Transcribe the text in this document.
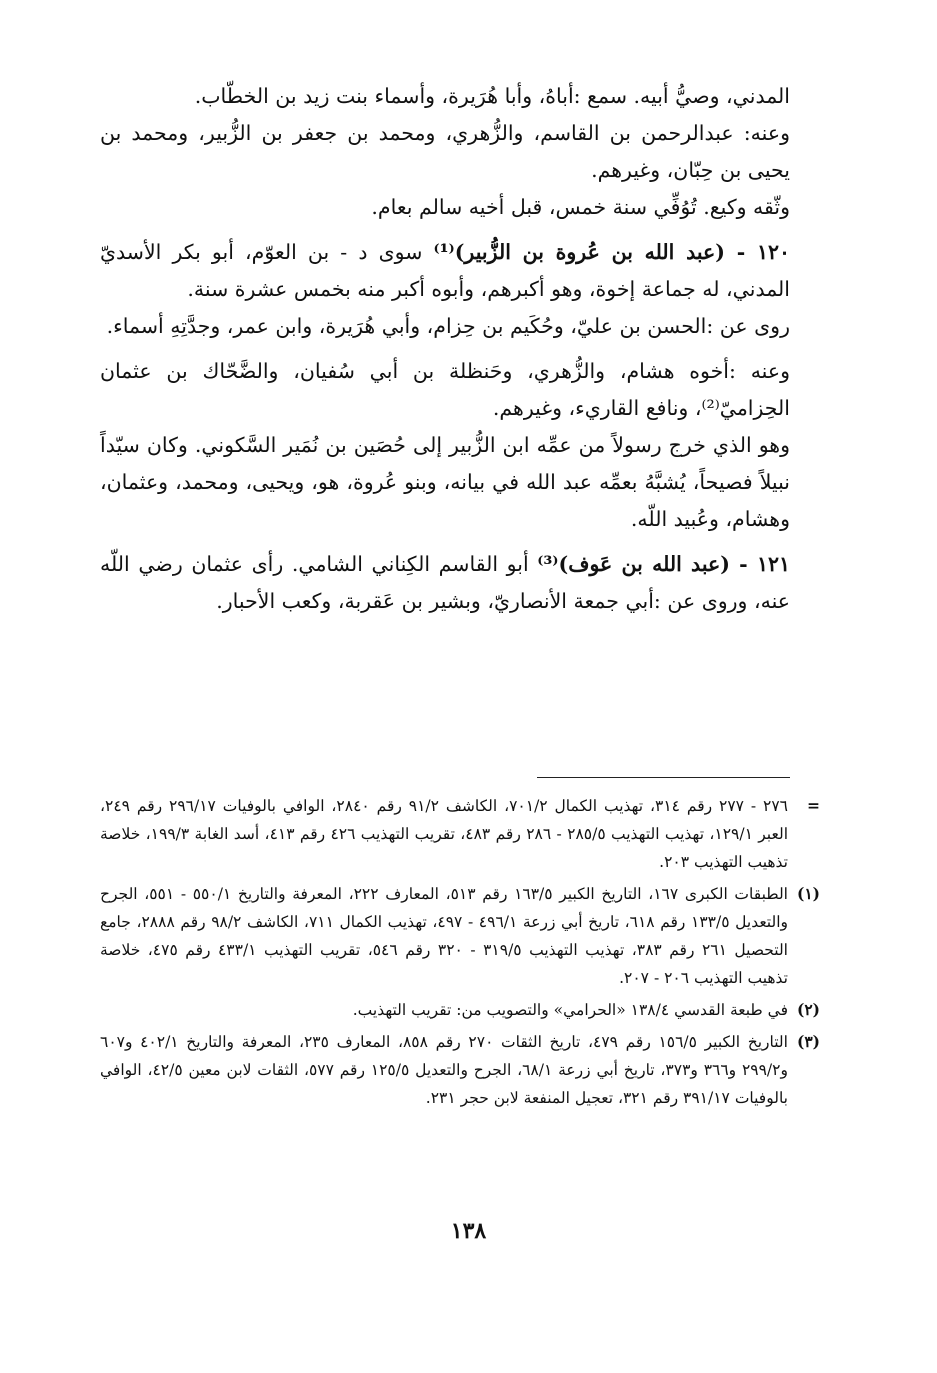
المدني، وصيُّ أبيه. سمع :أباهُ، وأبا هُرَيرة، وأسماء بنت زيد بن الخطّاب.

وعنه: عبدالرحمن بن القاسم، والزُّهري، ومحمد بن جعفر بن الزُّبير، ومحمد بن يحيى بن حِبّان، وغيرهم.

وثّقه وكيع. تُوُفِّي سنة خمس، قبل أخيه سالم بعام.

١٢٠ - (عبد الله بن عُروة بن الزُّبير)⁽¹⁾ سوى د - بن العوّم، أبو بكر الأسديّ المدني، له جماعة إخوة، وهو أكبرهم، وأبوه أكبر منه بخمس عشرة سنة.

روى عن :الحسن بن عليّ، وحُكَيم بن حِزام، وأبي هُرَيرة، وابن عمر، وجدَّتِهِ أسماء.

وعنه :أخوه هشام، والزُّهري، وحَنظلة بن أبي سُفيان، والضَّحّاك بن عثمان الحِزاميّ⁽²⁾، ونافع القاريء، وغيرهم.

وهو الذي خرج رسولاً من عمِّه ابن الزُّبير إلى حُصَين بن نُمَير السَّكوني. وكان سيّداً نبيلاً فصيحاً، يُشبَّهُ بعمِّه عبد الله في بيانه، وبنو عُروة، هو، ويحيى، ومحمد، وعثمان، وهشام، وعُبيد اللّه.

١٢١ - (عبد الله بن عَوف)⁽³⁾ أبو القاسم الكِناني الشامي. رأى عثمان رضي اللّه عنه، وروى عن :أبي جمعة الأنصاريّ، وبشير بن عَقربة، وكعب الأحبار.

=
٢٧٦ - ٢٧٧ رقم ٣١٤، تهذيب الكمال ٧٠١/٢، الكاشف ٩١/٢ رقم ٢٨٤٠، الوافي بالوفيات ٢٩٦/١٧ رقم ٢٤٩، العبر ١٢٩/١، تهذيب التهذيب ٢٨٥/٥ - ٢٨٦ رقم ٤٨٣، تقريب التهذيب ٤٢٦ رقم ٤١٣، أسد الغابة ١٩٩/٣، خلاصة تذهيب التهذيب ٢٠٣.
(١)
الطبقات الكبرى ١٦٧، التاريخ الكبير ١٦٣/٥ رقم ٥١٣، المعارف ٢٢٢، المعرفة والتاريخ ٥٥٠/١ - ٥٥١، الجرح والتعديل ١٣٣/٥ رقم ٦١٨، تاريخ أبي زرعة ٤٩٦/١ - ٤٩٧، تهذيب الكمال ٧١١، الكاشف ٩٨/٢ رقم ٢٨٨٨، جامع التحصيل ٢٦١ رقم ٣٨٣، تهذيب التهذيب ٣١٩/٥ - ٣٢٠ رقم ٥٤٦، تقريب التهذيب ٤٣٣/١ رقم ٤٧٥، خلاصة تذهيب التهذيب ٢٠٦ - ٢٠٧.
(٢)
في طبعة القدسي ١٣٨/٤ «الحرامي» والتصويب من: تقريب التهذيب.
(٣)
التاريخ الكبير ١٥٦/٥ رقم ٤٧٩، تاريخ الثقات ٢٧٠ رقم ٨٥٨، المعارف ٢٣٥، المعرفة والتاريخ ٤٠٢/١ و٦٠٧ و٢٩٩/٢ و٣٦٦ و٣٧٣، تاريخ أبي زرعة ٦٨/١، الجرح والتعديل ١٢٥/٥ رقم ٥٧٧، الثقات لابن معين ٤٢/٥، الوافي بالوفيات ٣٩١/١٧ رقم ٣٢١، تعجيل المنفعة لابن حجر ٢٣١.
١٣٨
